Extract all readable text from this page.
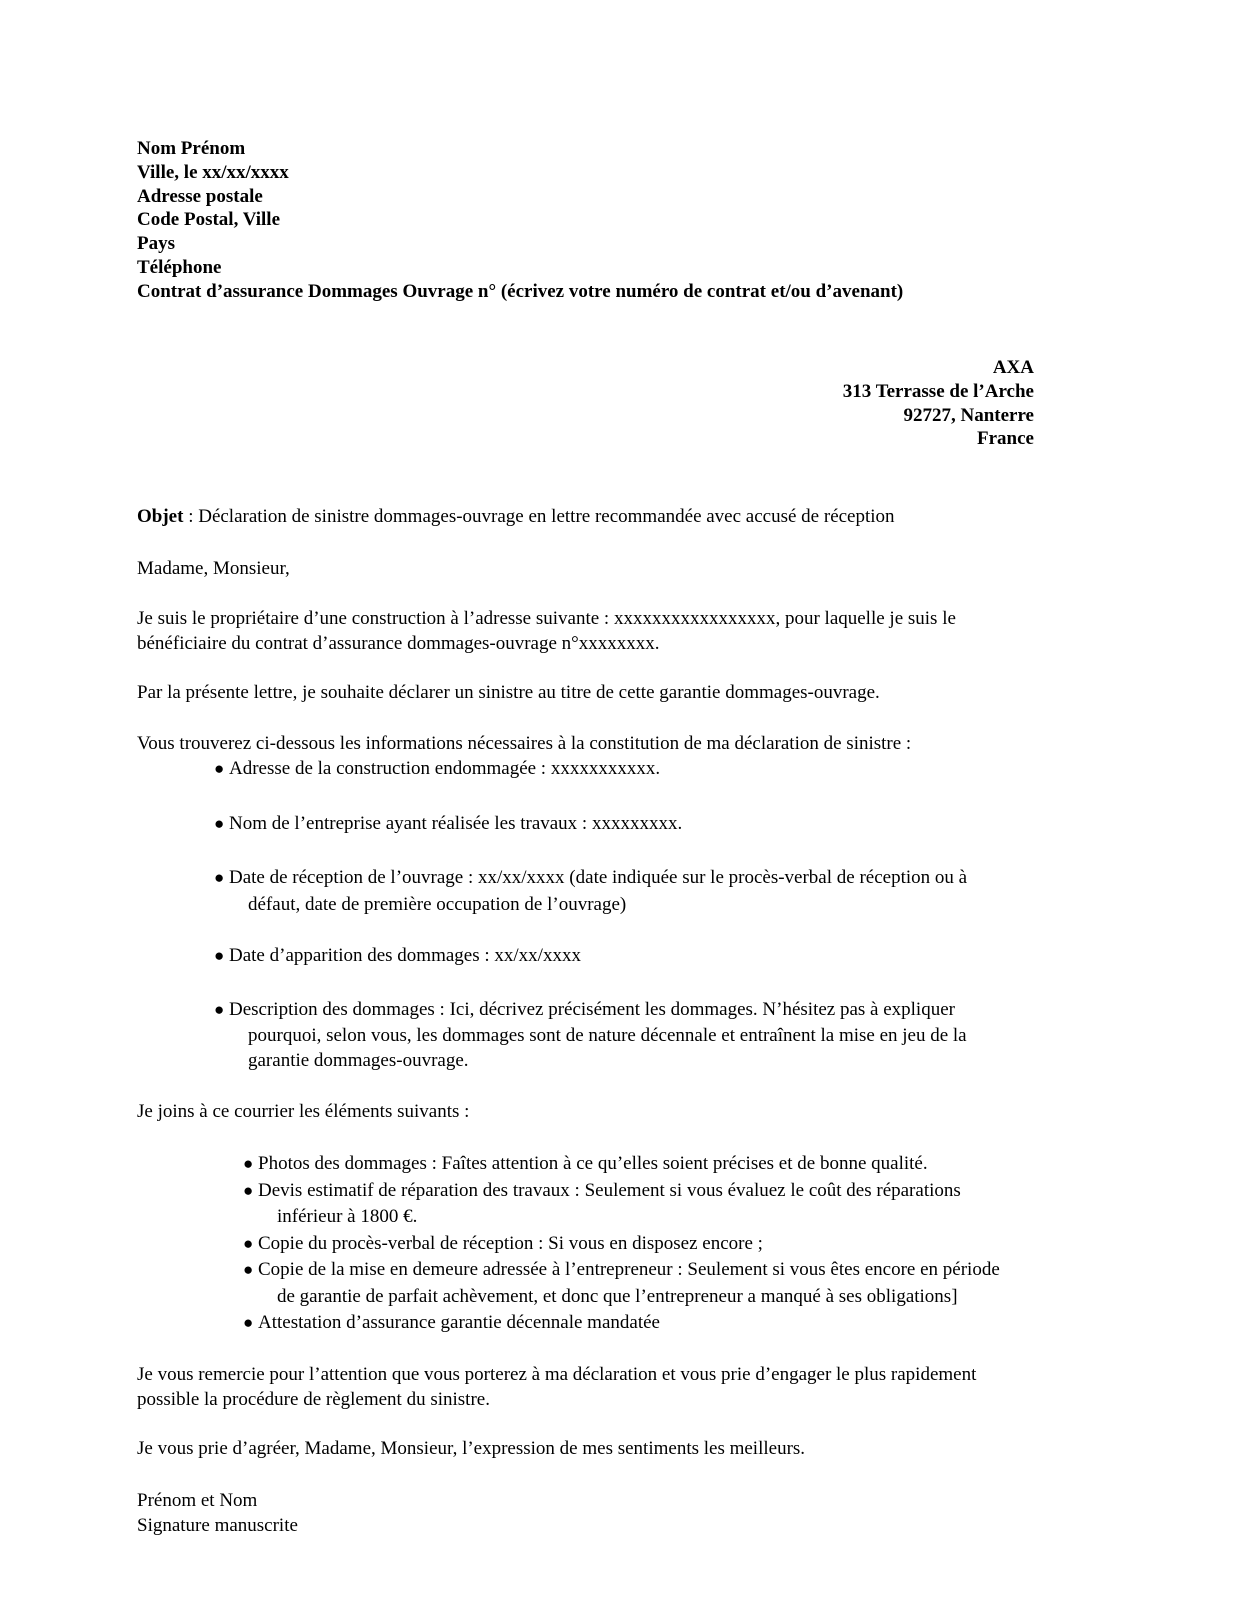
Nom Prénom
Ville, le xx/xx/xxxx
Adresse postale
Code Postal, Ville
Pays
Téléphone
Contrat d’assurance Dommages Ouvrage n° (écrivez votre numéro de contrat et/ou d’avenant)
AXA
313 Terrasse de l’Arche
92727, Nanterre
France
Objet : Déclaration de sinistre dommages-ouvrage en lettre recommandée avec accusé de réception
Madame, Monsieur,
Je suis le propriétaire d’une construction à l’adresse suivante : xxxxxxxxxxxxxxxxx, pour laquelle je suis le
bénéficiaire du contrat d’assurance dommages-ouvrage n°xxxxxxxx.
Par la présente lettre, je souhaite déclarer un sinistre au titre de cette garantie dommages-ouvrage.
Vous trouverez ci-dessous les informations nécessaires à la constitution de ma déclaration de sinistre :
● Adresse de la construction endommagée : xxxxxxxxxxx.
● Nom de l’entreprise ayant réalisée les travaux : xxxxxxxxx.
● Date de réception de l’ouvrage : xx/xx/xxxx (date indiquée sur le procès-verbal de réception ou à
défaut, date de première occupation de l’ouvrage)
● Date d’apparition des dommages : xx/xx/xxxx
● Description des dommages : Ici, décrivez précisément les dommages. N’hésitez pas à expliquer
pourquoi, selon vous, les dommages sont de nature décennale et entraînent la mise en jeu de la
garantie dommages-ouvrage.
Je joins à ce courrier les éléments suivants :
● Photos des dommages : Faîtes attention à ce qu’elles soient précises et de bonne qualité.
● Devis estimatif de réparation des travaux : Seulement si vous évaluez le coût des réparations
inférieur à 1800 €.
● Copie du procès-verbal de réception : Si vous en disposez encore ;
● Copie de la mise en demeure adressée à l’entrepreneur : Seulement si vous êtes encore en période
de garantie de parfait achèvement, et donc que l’entrepreneur a manqué à ses obligations]
● Attestation d’assurance garantie décennale mandatée
Je vous remercie pour l’attention que vous porterez à ma déclaration et vous prie d’engager le plus rapidement
possible la procédure de règlement du sinistre.
Je vous prie d’agréer, Madame, Monsieur, l’expression de mes sentiments les meilleurs.
Prénom et Nom
Signature manuscrite
